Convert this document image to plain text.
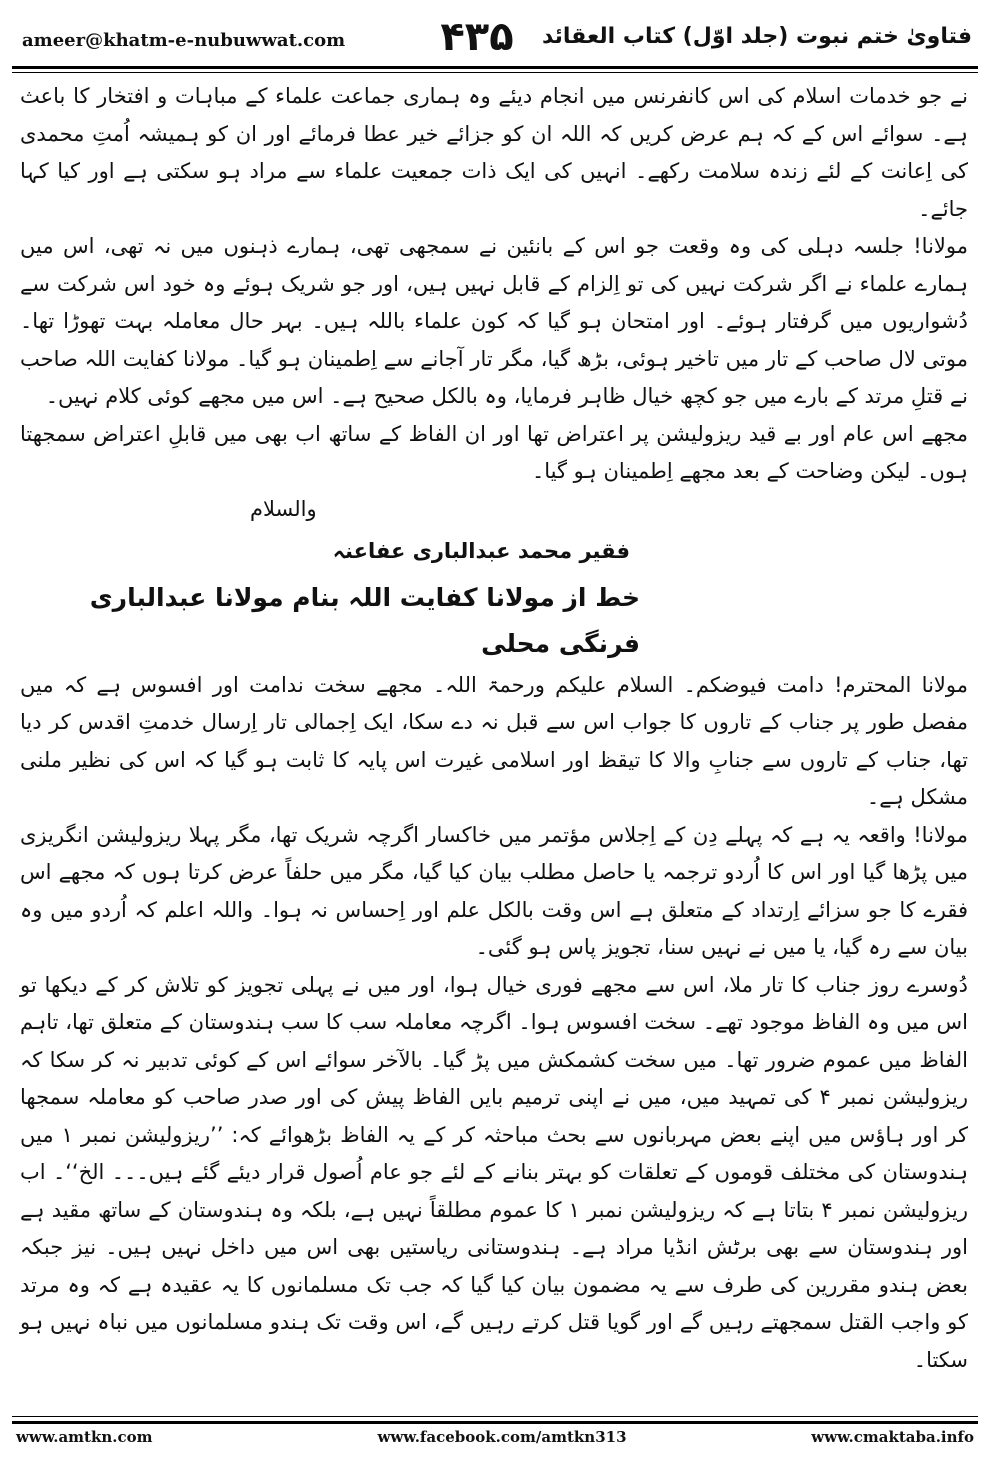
ameer@khatm-e-nubuwwat.com	۴۳۵	فتاویٰ ختم نبوت (جلد اوّل) کتاب العقائد

نے جو خدمات اسلام کی اس کانفرنس میں انجام دیئے وہ ہماری جماعت علماء کے مباہات و افتخار کا باعث ہے۔ سوائے اس کے کہ ہم عرض کریں کہ اللہ ان کو جزائے خیر عطا فرمائے اور ان کو ہمیشہ اُمتِ محمدی کی اِعانت کے لئے زندہ سلامت رکھے۔ انہیں کی ایک ذات جمعیت علماء سے مراد ہو سکتی ہے اور کیا کہا جائے۔

مولانا! جلسہ دہلی کی وہ وقعت جو اس کے بانئین نے سمجھی تھی، ہمارے ذہنوں میں نہ تھی، اس میں ہمارے علماء نے اگر شرکت نہیں کی تو اِلزام کے قابل نہیں ہیں، اور جو شریک ہوئے وہ خود اس شرکت سے دُشواریوں میں گرفتار ہوئے۔ اور امتحان ہو گیا کہ کون علماء باللہ ہیں۔ بہر حال معاملہ بہت تھوڑا تھا۔ موتی لال صاحب کے تار میں تاخیر ہوئی، بڑھ گیا، مگر تار آجانے سے اِطمینان ہو گیا۔ مولانا کفایت اللہ صاحب نے قتلِ مرتد کے بارے میں جو کچھ خیال ظاہر فرمایا، وہ بالکل صحیح ہے۔ اس میں مجھے کوئی کلام نہیں۔

مجھے اس عام اور بے قید ریزولیشن پر اعتراض تھا اور ان الفاظ کے ساتھ اب بھی میں قابلِ اعتراض سمجھتا ہوں۔ لیکن وضاحت کے بعد مجھے اِطمینان ہو گیا۔

والسلام
فقیر محمد عبدالباری عفاعنہ

خط از مولانا کفایت اللہ بنام مولانا عبدالباری فرنگی محلی

مولانا المحترم! دامت فیوضکم۔ السلام علیکم ورحمۃ اللہ۔ مجھے سخت ندامت اور افسوس ہے کہ میں مفصل طور پر جناب کے تاروں کا جواب اس سے قبل نہ دے سکا، ایک اِجمالی تار اِرسال خدمتِ اقدس کر دیا تھا، جناب کے تاروں سے جنابِ والا کا تیقظ اور اسلامی غیرت اس پایہ کا ثابت ہو گیا کہ اس کی نظیر ملنی مشکل ہے۔

مولانا! واقعہ یہ ہے کہ پہلے دِن کے اِجلاس مؤتمر میں خاکسار اگرچہ شریک تھا، مگر پہلا ریزولیشن انگریزی میں پڑھا گیا اور اس کا اُردو ترجمہ یا حاصل مطلب بیان کیا گیا، مگر میں حلفاً عرض کرتا ہوں کہ مجھے اس فقرے کا جو سزائے اِرتداد کے متعلق ہے اس وقت بالکل علم اور اِحساس نہ ہوا۔ واللہ اعلم کہ اُردو میں وہ بیان سے رہ گیا، یا میں نے نہیں سنا، تجویز پاس ہو گئی۔

دُوسرے روز جناب کا تار ملا، اس سے مجھے فوری خیال ہوا، اور میں نے پہلی تجویز کو تلاش کر کے دیکھا تو اس میں وہ الفاظ موجود تھے۔ سخت افسوس ہوا۔ اگرچہ معاملہ سب کا سب ہندوستان کے متعلق تھا، تاہم الفاظ میں عموم ضرور تھا۔ میں سخت کشمکش میں پڑ گیا۔ بالآخر سوائے اس کے کوئی تدبیر نہ کر سکا کہ ریزولیشن نمبر ۴ کی تمہید میں، میں نے اپنی ترمیم بایں الفاظ پیش کی اور صدر صاحب کو معاملہ سمجھا کر اور ہاؤس میں اپنے بعض مہربانوں سے بحث مباحثہ کر کے یہ الفاظ بڑھوائے کہ: ’’ریزولیشن نمبر ۱ میں ہندوستان کی مختلف قوموں کے تعلقات کو بہتر بنانے کے لئے جو عام اُصول قرار دیئے گئے ہیں۔۔۔ الخ‘‘۔ اب ریزولیشن نمبر ۴ بتاتا ہے کہ ریزولیشن نمبر ۱ کا عموم مطلقاً نہیں ہے، بلکہ وہ ہندوستان کے ساتھ مقید ہے اور ہندوستان سے بھی برٹش انڈیا مراد ہے۔ ہندوستانی ریاستیں بھی اس میں داخل نہیں ہیں۔ نیز جبکہ بعض ہندو مقررین کی طرف سے یہ مضمون بیان کیا گیا کہ جب تک مسلمانوں کا یہ عقیدہ ہے کہ وہ مرتد کو واجب القتل سمجھتے رہیں گے اور گویا قتل کرتے رہیں گے، اس وقت تک ہندو مسلمانوں میں نباہ نہیں ہو سکتا۔

www.amtkn.com	www.facebook.com/amtkn313	www.cmaktaba.info
